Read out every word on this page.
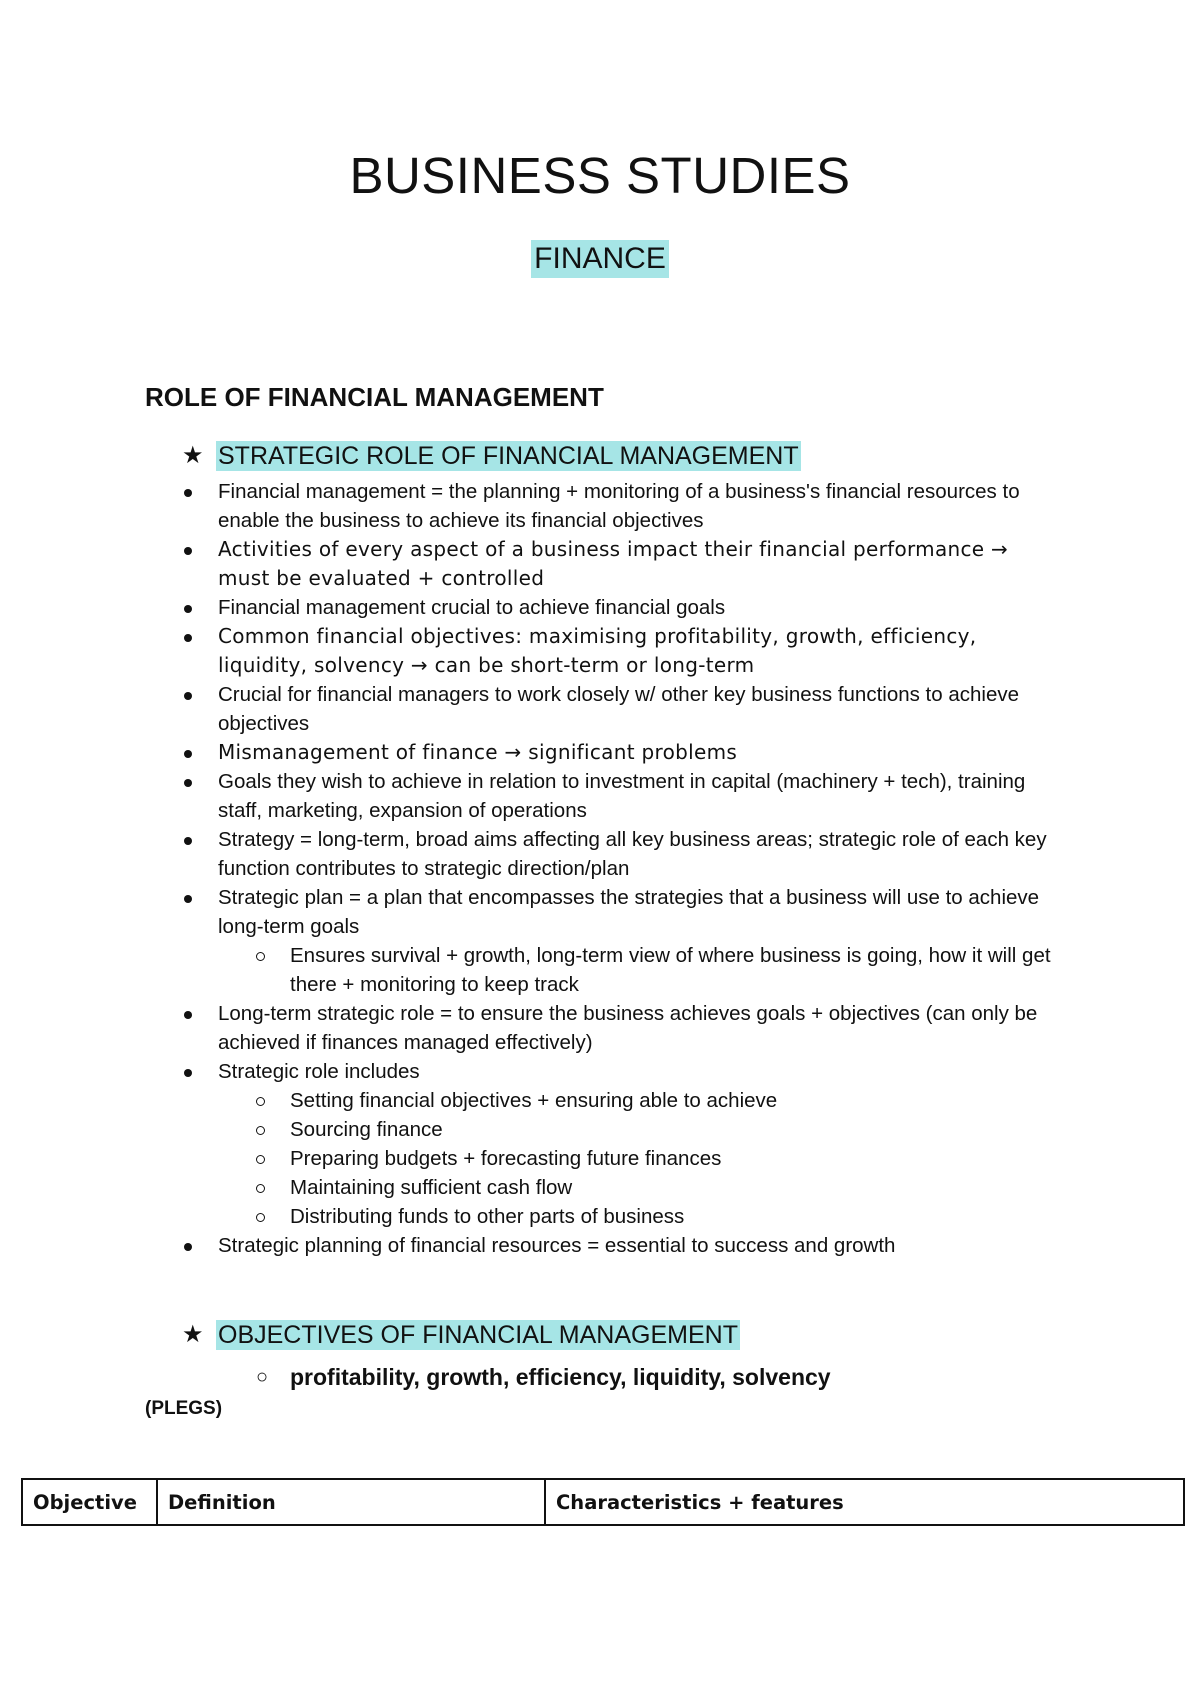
BUSINESS STUDIES
FINANCE
ROLE OF FINANCIAL MANAGEMENT
★ STRATEGIC ROLE OF FINANCIAL MANAGEMENT
Financial management = the planning + monitoring of a business's financial resources to enable the business to achieve its financial objectives
Activities of every aspect of a business impact their financial performance → must be evaluated + controlled
Financial management crucial to achieve financial goals
Common financial objectives: maximising profitability, growth, efficiency, liquidity, solvency → can be short-term or long-term
Crucial for financial managers to work closely w/ other key business functions to achieve objectives
Mismanagement of finance → significant problems
Goals they wish to achieve in relation to investment in capital (machinery + tech), training staff, marketing, expansion of operations
Strategy = long-term, broad aims affecting all key business areas; strategic role of each key function contributes to strategic direction/plan
Strategic plan = a plan that encompasses the strategies that a business will use to achieve long-term goals
Ensures survival + growth, long-term view of where business is going, how it will get there + monitoring to keep track
Long-term strategic role = to ensure the business achieves goals + objectives (can only be achieved if finances managed effectively)
Strategic role includes
Setting financial objectives + ensuring able to achieve
Sourcing finance
Preparing budgets + forecasting future finances
Maintaining sufficient cash flow
Distributing funds to other parts of business
Strategic planning of financial resources = essential to success and growth
★ OBJECTIVES OF FINANCIAL MANAGEMENT
○ profitability, growth, efficiency, liquidity, solvency
(PLEGS)
Objective	Definition	Characteristics + features
